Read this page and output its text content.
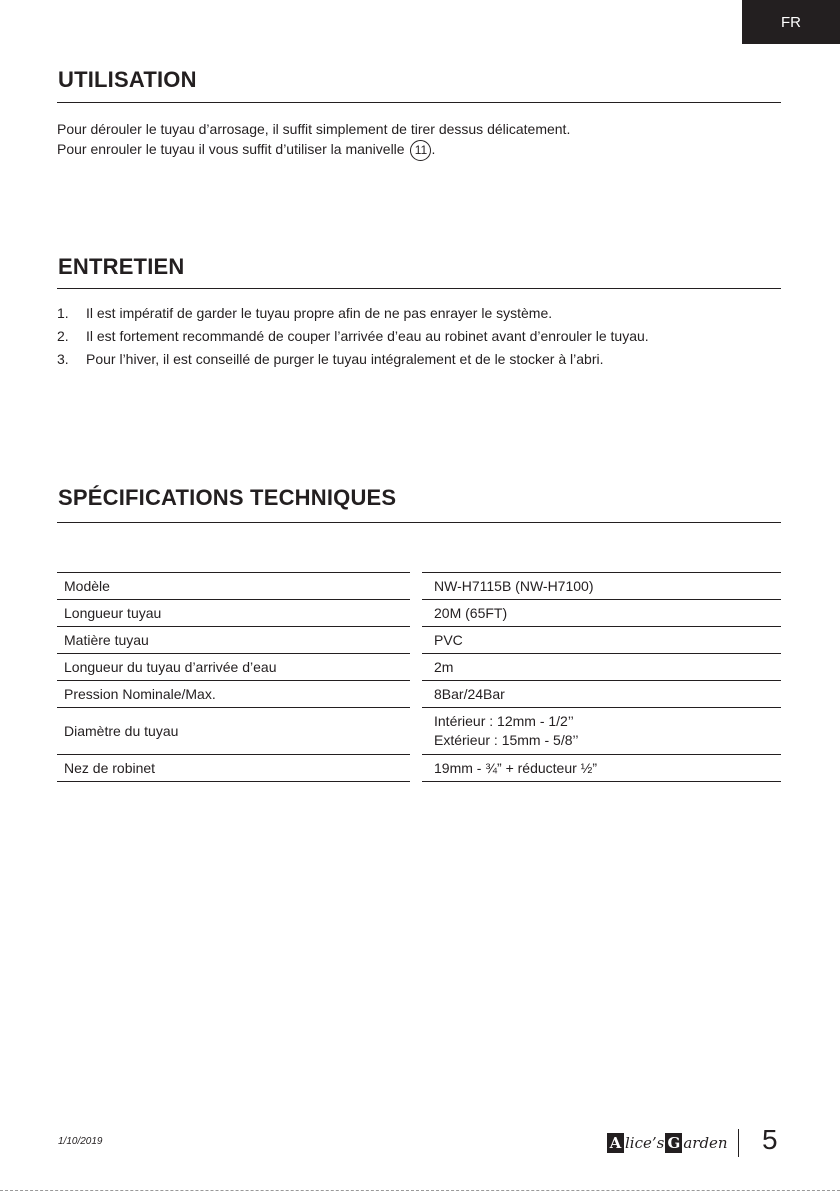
FR
UTILISATION

Pour dérouler le tuyau d’arrosage, il suffit simplement de tirer dessus délicatement.

Pour enrouler le tuyau il vous suffit d’utiliser la manivelle 11 .

ENTRETIEN
1.	Il est impératif de garder le tuyau propre afin de ne pas enrayer le système.
2.	Il est fortement recommandé de couper l’arrivée d’eau au robinet avant d’enrouler le tuyau.
3.	Pour l’hiver, il est conseillé de purger le tuyau intégralement et de le stocker à l’abri.
SPÉCIFICATIONS TECHNIQUES
Modèle		NW-H7115B (NW-H7100)
Longueur tuyau		20M (65FT)
Matière tuyau		PVC
Longueur du tuyau d’arrivée d’eau		2m
Pression Nominale/Max.		8Bar/24Bar
Diamètre du tuyau		Intérieur : 12mm - 1/2’’
Extérieur : 15mm - 5/8’’

Nez de robinet		19mm - ¾” + réducteur ½”
1/10/2019	A lice’s G arden 5
